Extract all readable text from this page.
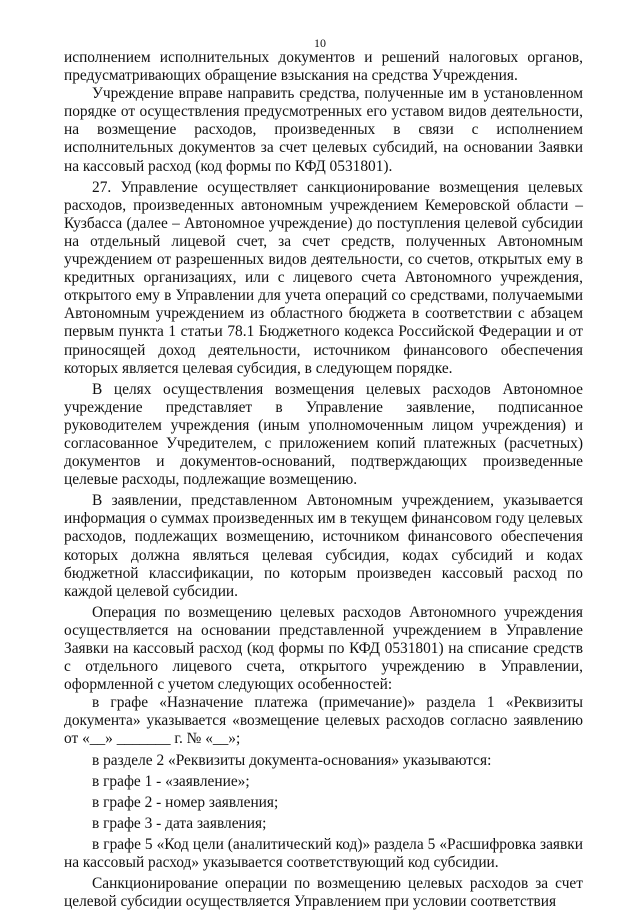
10

исполнением исполнительных документов и решений налоговых органов, предусматривающих обращение взыскания на средства Учреждения.

Учреждение вправе направить средства, полученные им в установленном порядке от осуществления предусмотренных его уставом видов деятельности, на возмещение расходов, произведенных в связи с исполнением исполнительных документов за счет целевых субсидий, на основании Заявки на кассовый расход (код формы по КФД 0531801).

27. Управление осуществляет санкционирование возмещения целевых расходов, произведенных автономным учреждением Кемеровской области – Кузбасса (далее – Автономное учреждение) до поступления целевой субсидии на отдельный лицевой счет, за счет средств, полученных Автономным учреждением от разрешенных видов деятельности, со счетов, открытых ему в кредитных организациях, или с лицевого счета Автономного учреждения, открытого ему в Управлении для учета операций со средствами, получаемыми Автономным учреждением из областного бюджета в соответствии с абзацем первым пункта 1 статьи 78.1 Бюджетного кодекса Российской Федерации и от приносящей доход деятельности, источником финансового обеспечения которых является целевая субсидия, в следующем порядке.

В целях осуществления возмещения целевых расходов Автономное учреждение представляет в Управление заявление, подписанное руководителем учреждения (иным уполномоченным лицом учреждения) и согласованное Учредителем, с приложением копий платежных (расчетных) документов и документов-оснований, подтверждающих произведенные целевые расходы, подлежащие возмещению.

В заявлении, представленном Автономным учреждением, указывается информация о суммах произведенных им в текущем финансовом году целевых расходов, подлежащих возмещению, источником финансового обеспечения которых должна являться целевая субсидия, кодах субсидий и кодах бюджетной классификации, по которым произведен кассовый расход по каждой целевой субсидии.

Операция по возмещению целевых расходов Автономного учреждения осуществляется на основании представленной учреждением в Управление Заявки на кассовый расход (код формы по КФД 0531801) на списание средств с отдельного лицевого счета, открытого учреждению в Управлении, оформленной с учетом следующих особенностей:

в графе «Назначение платежа (примечание)» раздела 1 «Реквизиты документа» указывается «возмещение целевых расходов согласно заявлению от «__» _______ г. № «__»;

в разделе 2 «Реквизиты документа-основания» указываются:

в графе 1 - «заявление»;

в графе 2 - номер заявления;

в графе 3 - дата заявления;

в графе 5 «Код цели (аналитический код)» раздела 5 «Расшифровка заявки на кассовый расход» указывается соответствующий код субсидии.

Санкционирование операции по возмещению целевых расходов за счет целевой субсидии осуществляется Управлением при условии соответствия
